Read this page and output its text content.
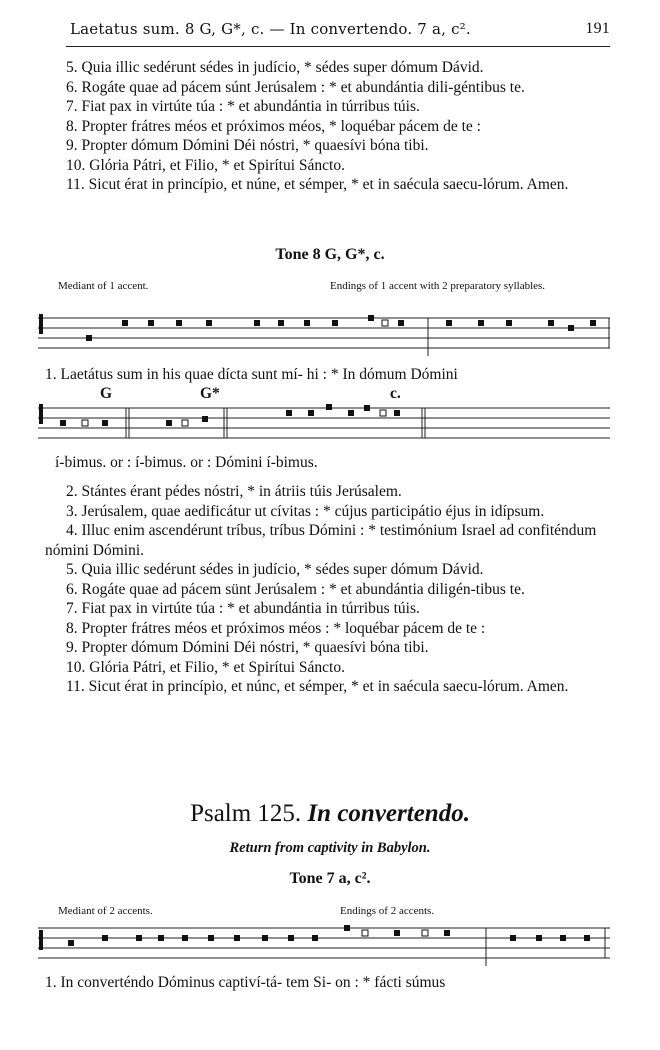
Laetatus sum. 8 G, G*, c. — In convertendo. 7 a, c².	191

5. Quia illic sedérunt sédes in judício, * sédes super dómum Dávid.

6. Rogáte quae ad pácem súnt Jerúsalem : * et abundántia dili-géntibus te.

7. Fiat pax in virtúte túa : * et abundántia in túrribus túis.

8. Propter frátres méos et próximos méos, * loquébar pácem de te :

9. Propter dómum Dómini Déi nóstri, * quaesívi bóna tibi.

10. Glória Pátri, et Filio, * et Spirítui Sáncto.

11. Sicut érat in princípio, et núne, et sémper, * et in saécula saecu-lórum. Amen.

Tone 8 G, G*, c.
Mediant of 1 accent.	Endings of 1 accent with 2 preparatory syllables.
1. Laetátus sum in his quae dícta sunt mí- hi : * In dómum Dómini
G	G*	c.
í-bimus. or : í-bimus. or : Dómini í-bimus.

2. Stántes érant pédes nóstri, * in átriis túis Jerúsalem.

3. Jerúsalem, quae aedificátur ut cívitas : * cújus participátio éjus in idípsum.

4. Illuc enim ascendérunt tríbus, tríbus Dómini : * testimónium Israel ad confiténdum nómini Dómini.

5. Quia illic sedérunt sédes in judício, * sédes super dómum Dávid.

6. Rogáte quae ad pácem sünt Jerúsalem : * et abundántia diligén-tibus te.

7. Fiat pax in virtúte túa : * et abundántia in túrribus túis.

8. Propter frátres méos et próximos méos : * loquébar pácem de te :

9. Propter dómum Dómini Déi nóstri, * quaesívi bóna tibi.

10. Glória Pátri, et Filio, * et Spirítui Sáncto.

11. Sicut érat in princípio, et núnc, et sémper, * et in saécula saecu-lórum. Amen.

Psalm 125. In convertendo.
Return from captivity in Babylon.
Tone 7 a, c².
Mediant of 2 accents.	Endings of 2 accents.
1. In converténdo Dóminus captiví-tá- tem Si- on : * fácti súmus
